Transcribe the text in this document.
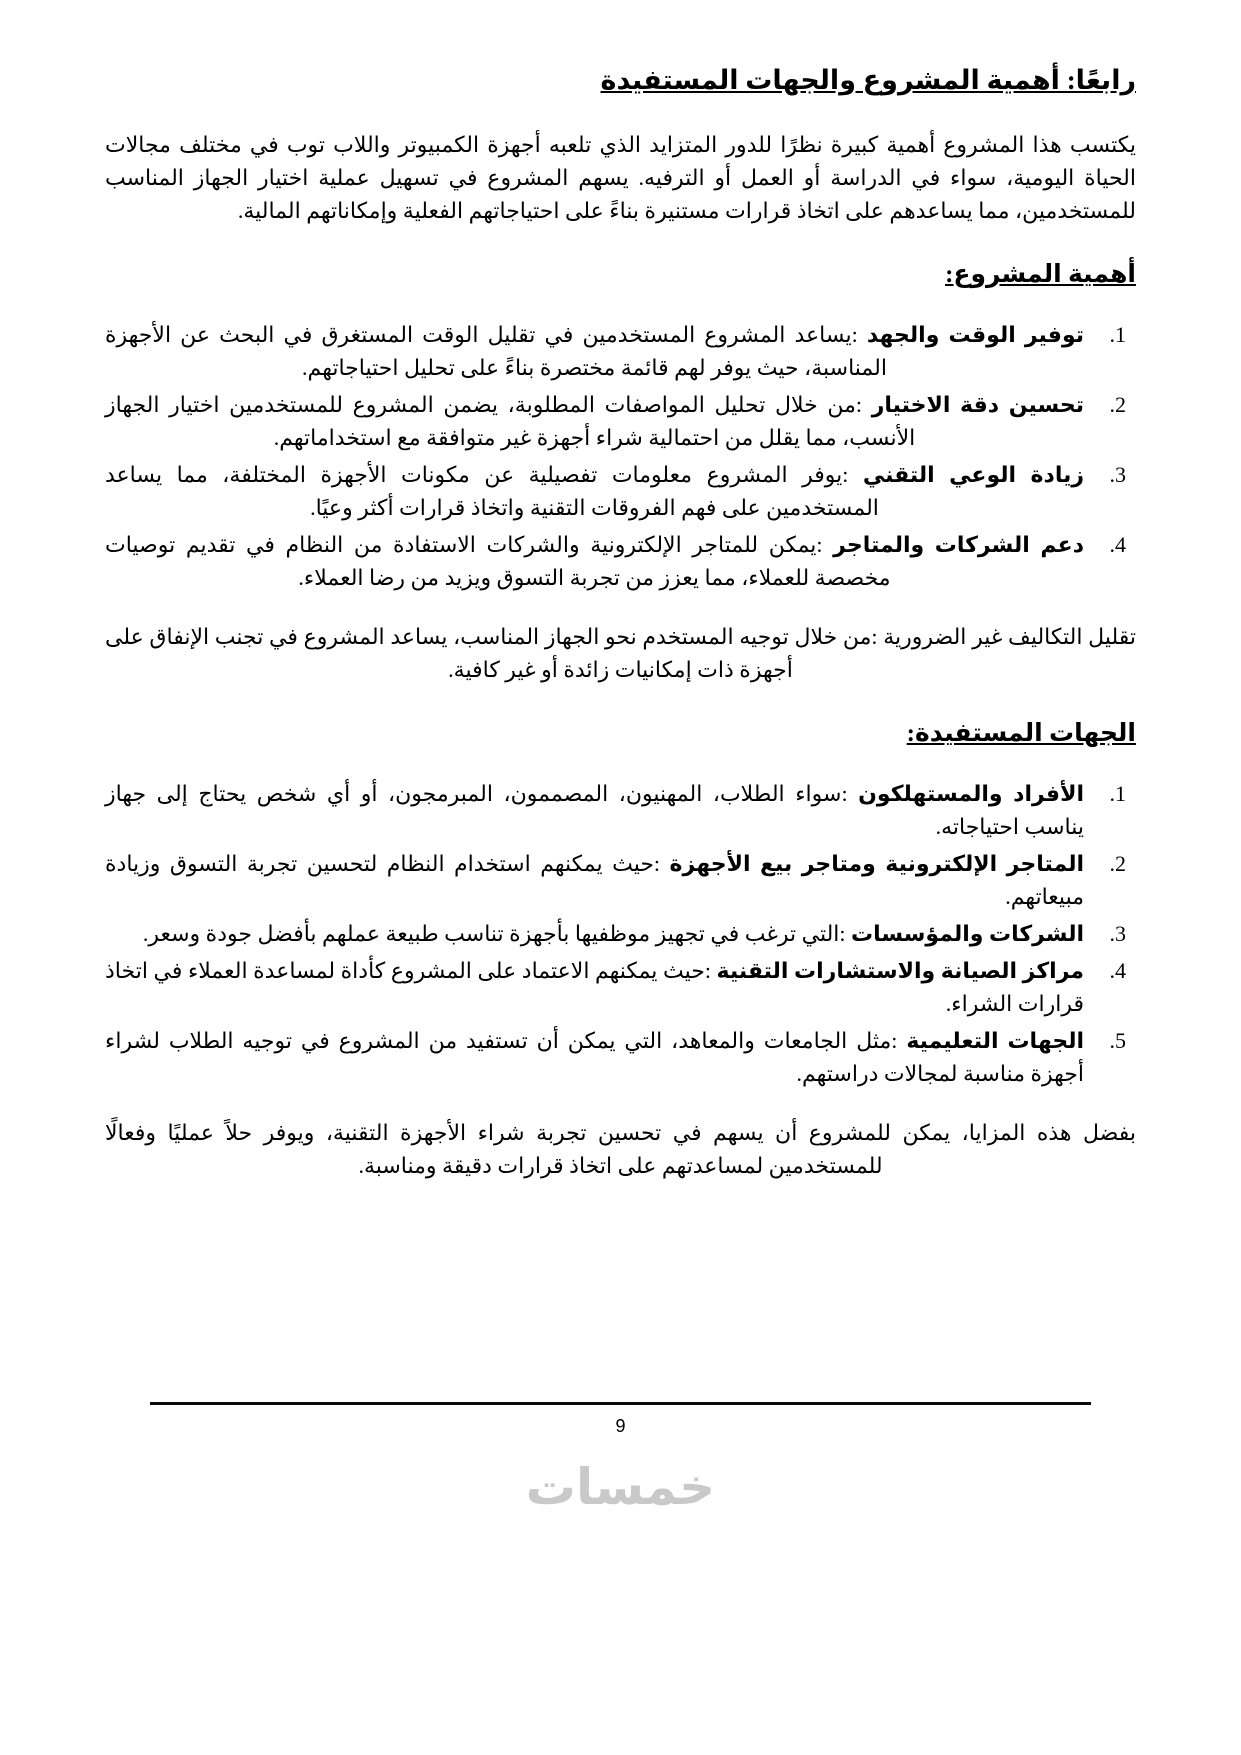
رابعًا: أهمية المشروع والجهات المستفيدة

يكتسب هذا المشروع أهمية كبيرة نظرًا للدور المتزايد الذي تلعبه أجهزة الكمبيوتر واللاب توب في مختلف مجالات الحياة اليومية، سواء في الدراسة أو العمل أو الترفيه. يسهم المشروع في تسهيل عملية اختيار الجهاز المناسب للمستخدمين، مما يساعدهم على اتخاذ قرارات مستنيرة بناءً على احتياجاتهم الفعلية وإمكاناتهم المالية.

أهمية المشروع:
1.
توفير الوقت والجهد :يساعد المشروع المستخدمين في تقليل الوقت المستغرق في البحث عن الأجهزة المناسبة، حيث يوفر لهم قائمة مختصرة بناءً على تحليل احتياجاتهم.
2.
تحسين دقة الاختيار :من خلال تحليل المواصفات المطلوبة، يضمن المشروع للمستخدمين اختيار الجهاز الأنسب، مما يقلل من احتمالية شراء أجهزة غير متوافقة مع استخداماتهم.
3.
زيادة الوعي التقني :يوفر المشروع معلومات تفصيلية عن مكونات الأجهزة المختلفة، مما يساعد المستخدمين على فهم الفروقات التقنية واتخاذ قرارات أكثر وعيًا.
4.
دعم الشركات والمتاجر :يمكن للمتاجر الإلكترونية والشركات الاستفادة من النظام في تقديم توصيات مخصصة للعملاء، مما يعزز من تجربة التسوق ويزيد من رضا العملاء.

تقليل التكاليف غير الضرورية :من خلال توجيه المستخدم نحو الجهاز المناسب، يساعد المشروع في تجنب الإنفاق على أجهزة ذات إمكانيات زائدة أو غير كافية.

الجهات المستفيدة:
1.
الأفراد والمستهلكون :سواء الطلاب، المهنيون، المصممون، المبرمجون، أو أي شخص يحتاج إلى جهاز يناسب احتياجاته.
2.
المتاجر الإلكترونية ومتاجر بيع الأجهزة :حيث يمكنهم استخدام النظام لتحسين تجربة التسوق وزيادة مبيعاتهم.
3.
الشركات والمؤسسات :التي ترغب في تجهيز موظفيها بأجهزة تناسب طبيعة عملهم بأفضل جودة وسعر.
4.
مراكز الصيانة والاستشارات التقنية :حيث يمكنهم الاعتماد على المشروع كأداة لمساعدة العملاء في اتخاذ قرارات الشراء.
5.
الجهات التعليمية :مثل الجامعات والمعاهد، التي يمكن أن تستفيد من المشروع في توجيه الطلاب لشراء أجهزة مناسبة لمجالات دراستهم.

بفضل هذه المزايا، يمكن للمشروع أن يسهم في تحسين تجربة شراء الأجهزة التقنية، ويوفر حلاً عمليًا وفعالًا للمستخدمين لمساعدتهم على اتخاذ قرارات دقيقة ومناسبة.

9
خمسات
